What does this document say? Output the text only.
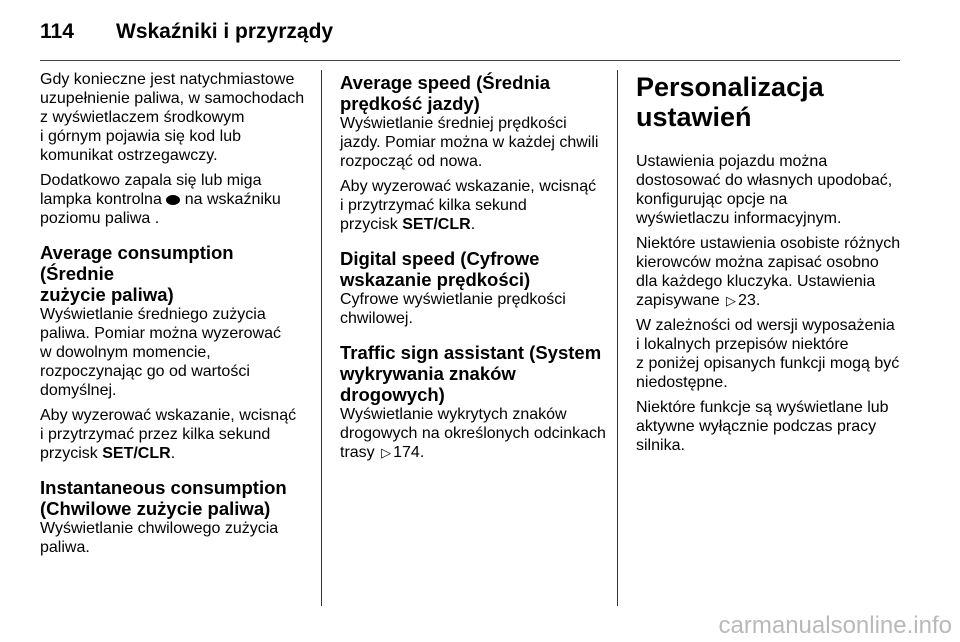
114	Wskaźniki i przyrządy

Gdy konieczne jest natychmiastowe
uzupełnienie paliwa, w samochodach
z wyświetlaczem środkowym
i górnym pojawia się kod lub
komunikat ostrzegawczy.

Dodatkowo zapala się lub miga
lampka kontrolna  na wskaźniku
poziomu paliwa .

Average consumption (Średnie
zużycie paliwa)

Wyświetlanie średniego zużycia
paliwa. Pomiar można wyzerować
w dowolnym momencie,
rozpoczynając go od wartości
domyślnej.

Aby wyzerować wskazanie, wcisnąć
i przytrzymać przez kilka sekund
przycisk SET/CLR.

Instantaneous consumption
(Chwilowe zużycie paliwa)

Wyświetlanie chwilowego zużycia
paliwa.

Average speed (Średnia
prędkość jazdy)

Wyświetlanie średniej prędkości
jazdy. Pomiar można w każdej chwili
rozpocząć od nowa.

Aby wyzerować wskazanie, wcisnąć
i przytrzymać kilka sekund
przycisk SET/CLR.

Digital speed (Cyfrowe
wskazanie prędkości)

Cyfrowe wyświetlanie prędkości
chwilowej.

Traffic sign assistant (System
wykrywania znaków
drogowych)

Wyświetlanie wykrytych znaków
drogowych na określonych odcinkach
trasy ▷ 174.

Personalizacja
ustawień

Ustawienia pojazdu można
dostosować do własnych upodobać,
konfigurując opcje na
wyświetlaczu informacyjnym.

Niektóre ustawienia osobiste różnych
kierowców można zapisać osobno
dla każdego kluczyka. Ustawienia
zapisywane ▷ 23.

W zależności od wersji wyposażenia
i lokalnych przepisów niektóre
z poniżej opisanych funkcji mogą być
niedostępne.

Niektóre funkcje są wyświetlane lub
aktywne wyłącznie podczas pracy
silnika.

carmanualsonline.info
